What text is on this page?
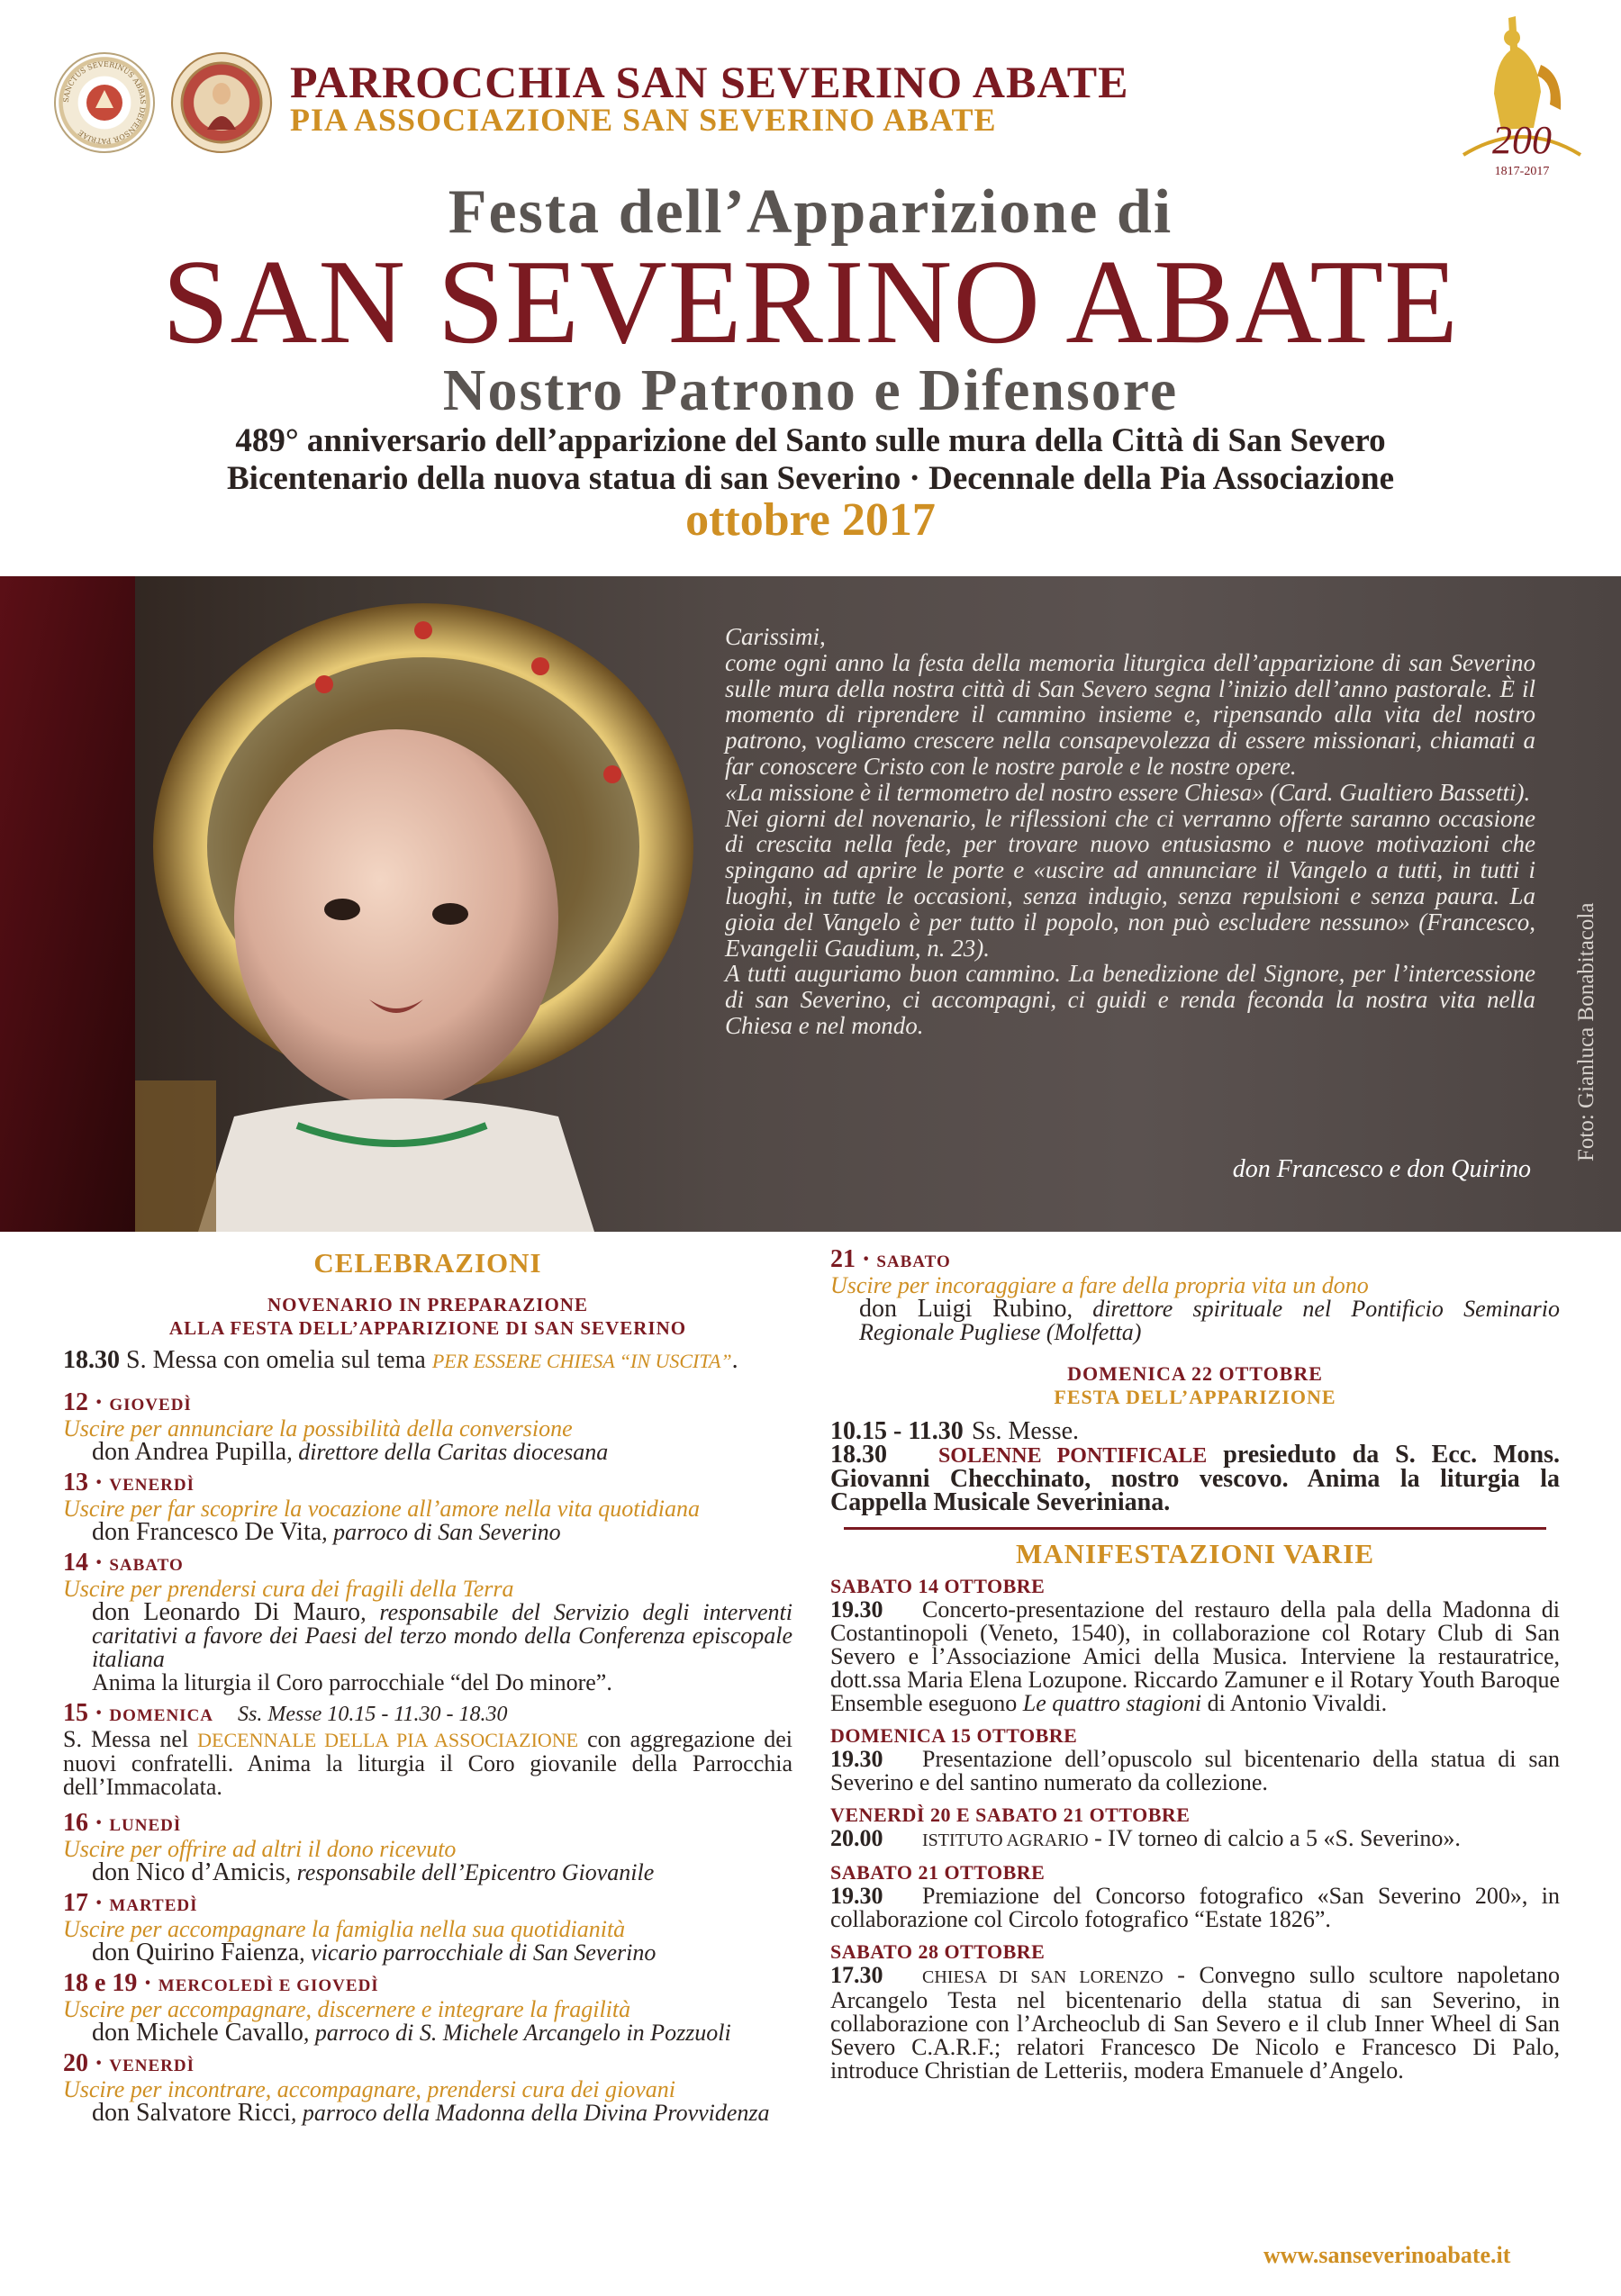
SANCTUS SEVERINUS ABBAS DEFENSOR PATRIAE
PARROCCHIA SAN SEVERINO ABATE
PIA ASSOCIAZIONE SAN SEVERINO ABATE	200
1817-2017
Festa dell’Apparizione di
SAN SEVERINO ABATE
Nostro Patrono e Difensore
489° anniversario dell’apparizione del Santo sulle mura della Città di San Severo
Bicentenario della nuova statua di san Severino · Decennale della Pia Associazione
ottobre 2017

Carissimi,

come ogni anno la festa della memoria liturgica dell’apparizione di san Severino sulle mura della nostra città di San Severo segna l’inizio dell’anno pastorale. È il momento di riprendere il cammino insieme e, ripensando alla vita del nostro patrono, vogliamo crescere nella consapevolezza di essere missionari, chiamati a far conoscere Cristo con le nostre parole e le nostre opere.

«La missione è il termometro del nostro essere Chiesa» (Card. Gualtiero Bassetti).

Nei giorni del novenario, le riflessioni che ci verranno offerte saranno occasione di crescita nella fede, per trovare nuovo entusiasmo e nuove motivazioni che spingano ad aprire le porte e «uscire ad annunciare il Vangelo a tutti, in tutti i luoghi, in tutte le occasioni, senza indugio, senza repulsioni e senza paura. La gioia del Vangelo è per tutto il popolo, non può escludere nessuno» (Francesco, Evangelii Gaudium, n. 23).

A tutti auguriamo buon cammino. La benedizione del Signore, per l’intercessione di san Severino, ci accompagni, ci guidi e renda feconda la nostra vita nella Chiesa e nel mondo.

don Francesco e don Quirino
Foto: Gianluca Bonabitacola
CELEBRAZIONI
NOVENARIO IN PREPARAZIONE
ALLA FESTA DELL’APPARIZIONE DI SAN SEVERINO
18.30 S. Messa con omelia sul tema PER ESSERE CHIESA “IN USCITA”.
12 · GIOVEDÌ
Uscire per annunciare la possibilità della conversione
don Andrea Pupilla, direttore della Caritas diocesana
13 · VENERDÌ
Uscire per far scoprire la vocazione all’amore nella vita quotidiana
don Francesco De Vita, parroco di San Severino
14 · SABATO
Uscire per prendersi cura dei fragili della Terra
don Leonardo Di Mauro, responsabile del Servizio degli interventi caritativi a favore dei Paesi del terzo mondo della Conferenza episcopale italiana
Anima la liturgia il Coro parrocchiale “del Do minore”.
15 · DOMENICA Ss. Messe 10.15 - 11.30 - 18.30
S. Messa nel DECENNALE DELLA PIA ASSOCIAZIONE con aggregazione dei nuovi confratelli. Anima la liturgia il Coro giovanile della Parrocchia dell’Immacolata.
16 · LUNEDÌ
Uscire per offrire ad altri il dono ricevuto
don Nico d’Amicis, responsabile dell’Epicentro Giovanile
17 · MARTEDÌ
Uscire per accompagnare la famiglia nella sua quotidianità
don Quirino Faienza, vicario parrocchiale di San Severino
18 e 19 · MERCOLEDÌ E GIOVEDÌ
Uscire per accompagnare, discernere e integrare la fragilità
don Michele Cavallo, parroco di S. Michele Arcangelo in Pozzuoli
20 · VENERDÌ
Uscire per incontrare, accompagnare, prendersi cura dei giovani
don Salvatore Ricci, parroco della Madonna della Divina Provvidenza
21 · SABATO
Uscire per incoraggiare a fare della propria vita un dono
don Luigi Rubino, direttore spirituale nel Pontificio Seminario Regionale Pugliese (Molfetta)
DOMENICA 22 OTTOBRE
FESTA DELL’APPARIZIONE
10.15 - 11.30 Ss. Messe.
18.30 SOLENNE PONTIFICALE presieduto da S. Ecc. Mons. Giovanni Checchinato, nostro vescovo. Anima la liturgia la Cappella Musicale Severiniana.
MANIFESTAZIONI VARIE
SABATO 14 OTTOBRE
19.30 Concerto-presentazione del restauro della pala della Madonna di Costantinopoli (Veneto, 1540), in collaborazione col Rotary Club di San Severo e l’Associazione Amici della Musica. Interviene la restauratrice, dott.ssa Maria Elena Lozupone. Riccardo Zamuner e il Rotary Youth Baroque Ensemble eseguono Le quattro stagioni di Antonio Vivaldi.
DOMENICA 15 OTTOBRE
19.30 Presentazione dell’opuscolo sul bicentenario della statua di san Severino e del santino numerato da collezione.
VENERDÌ 20 E SABATO 21 OTTOBRE
20.00 ISTITUTO AGRARIO - IV torneo di calcio a 5 «S. Severino».
SABATO 21 OTTOBRE
19.30 Premiazione del Concorso fotografico «San Severino 200», in collaborazione col Circolo fotografico “Estate 1826”.
SABATO 28 OTTOBRE
17.30 CHIESA DI SAN LORENZO - Convegno sullo scultore napoletano Arcangelo Testa nel bicentenario della statua di san Severino, in collaborazione con l’Archeoclub di San Severo e il club Inner Wheel di San Severo C.A.R.F.; relatori Francesco De Nicolo e Francesco Di Palo, introduce Christian de Letteriis, modera Emanuele d’Angelo.
www.sanseverinoabate.it
